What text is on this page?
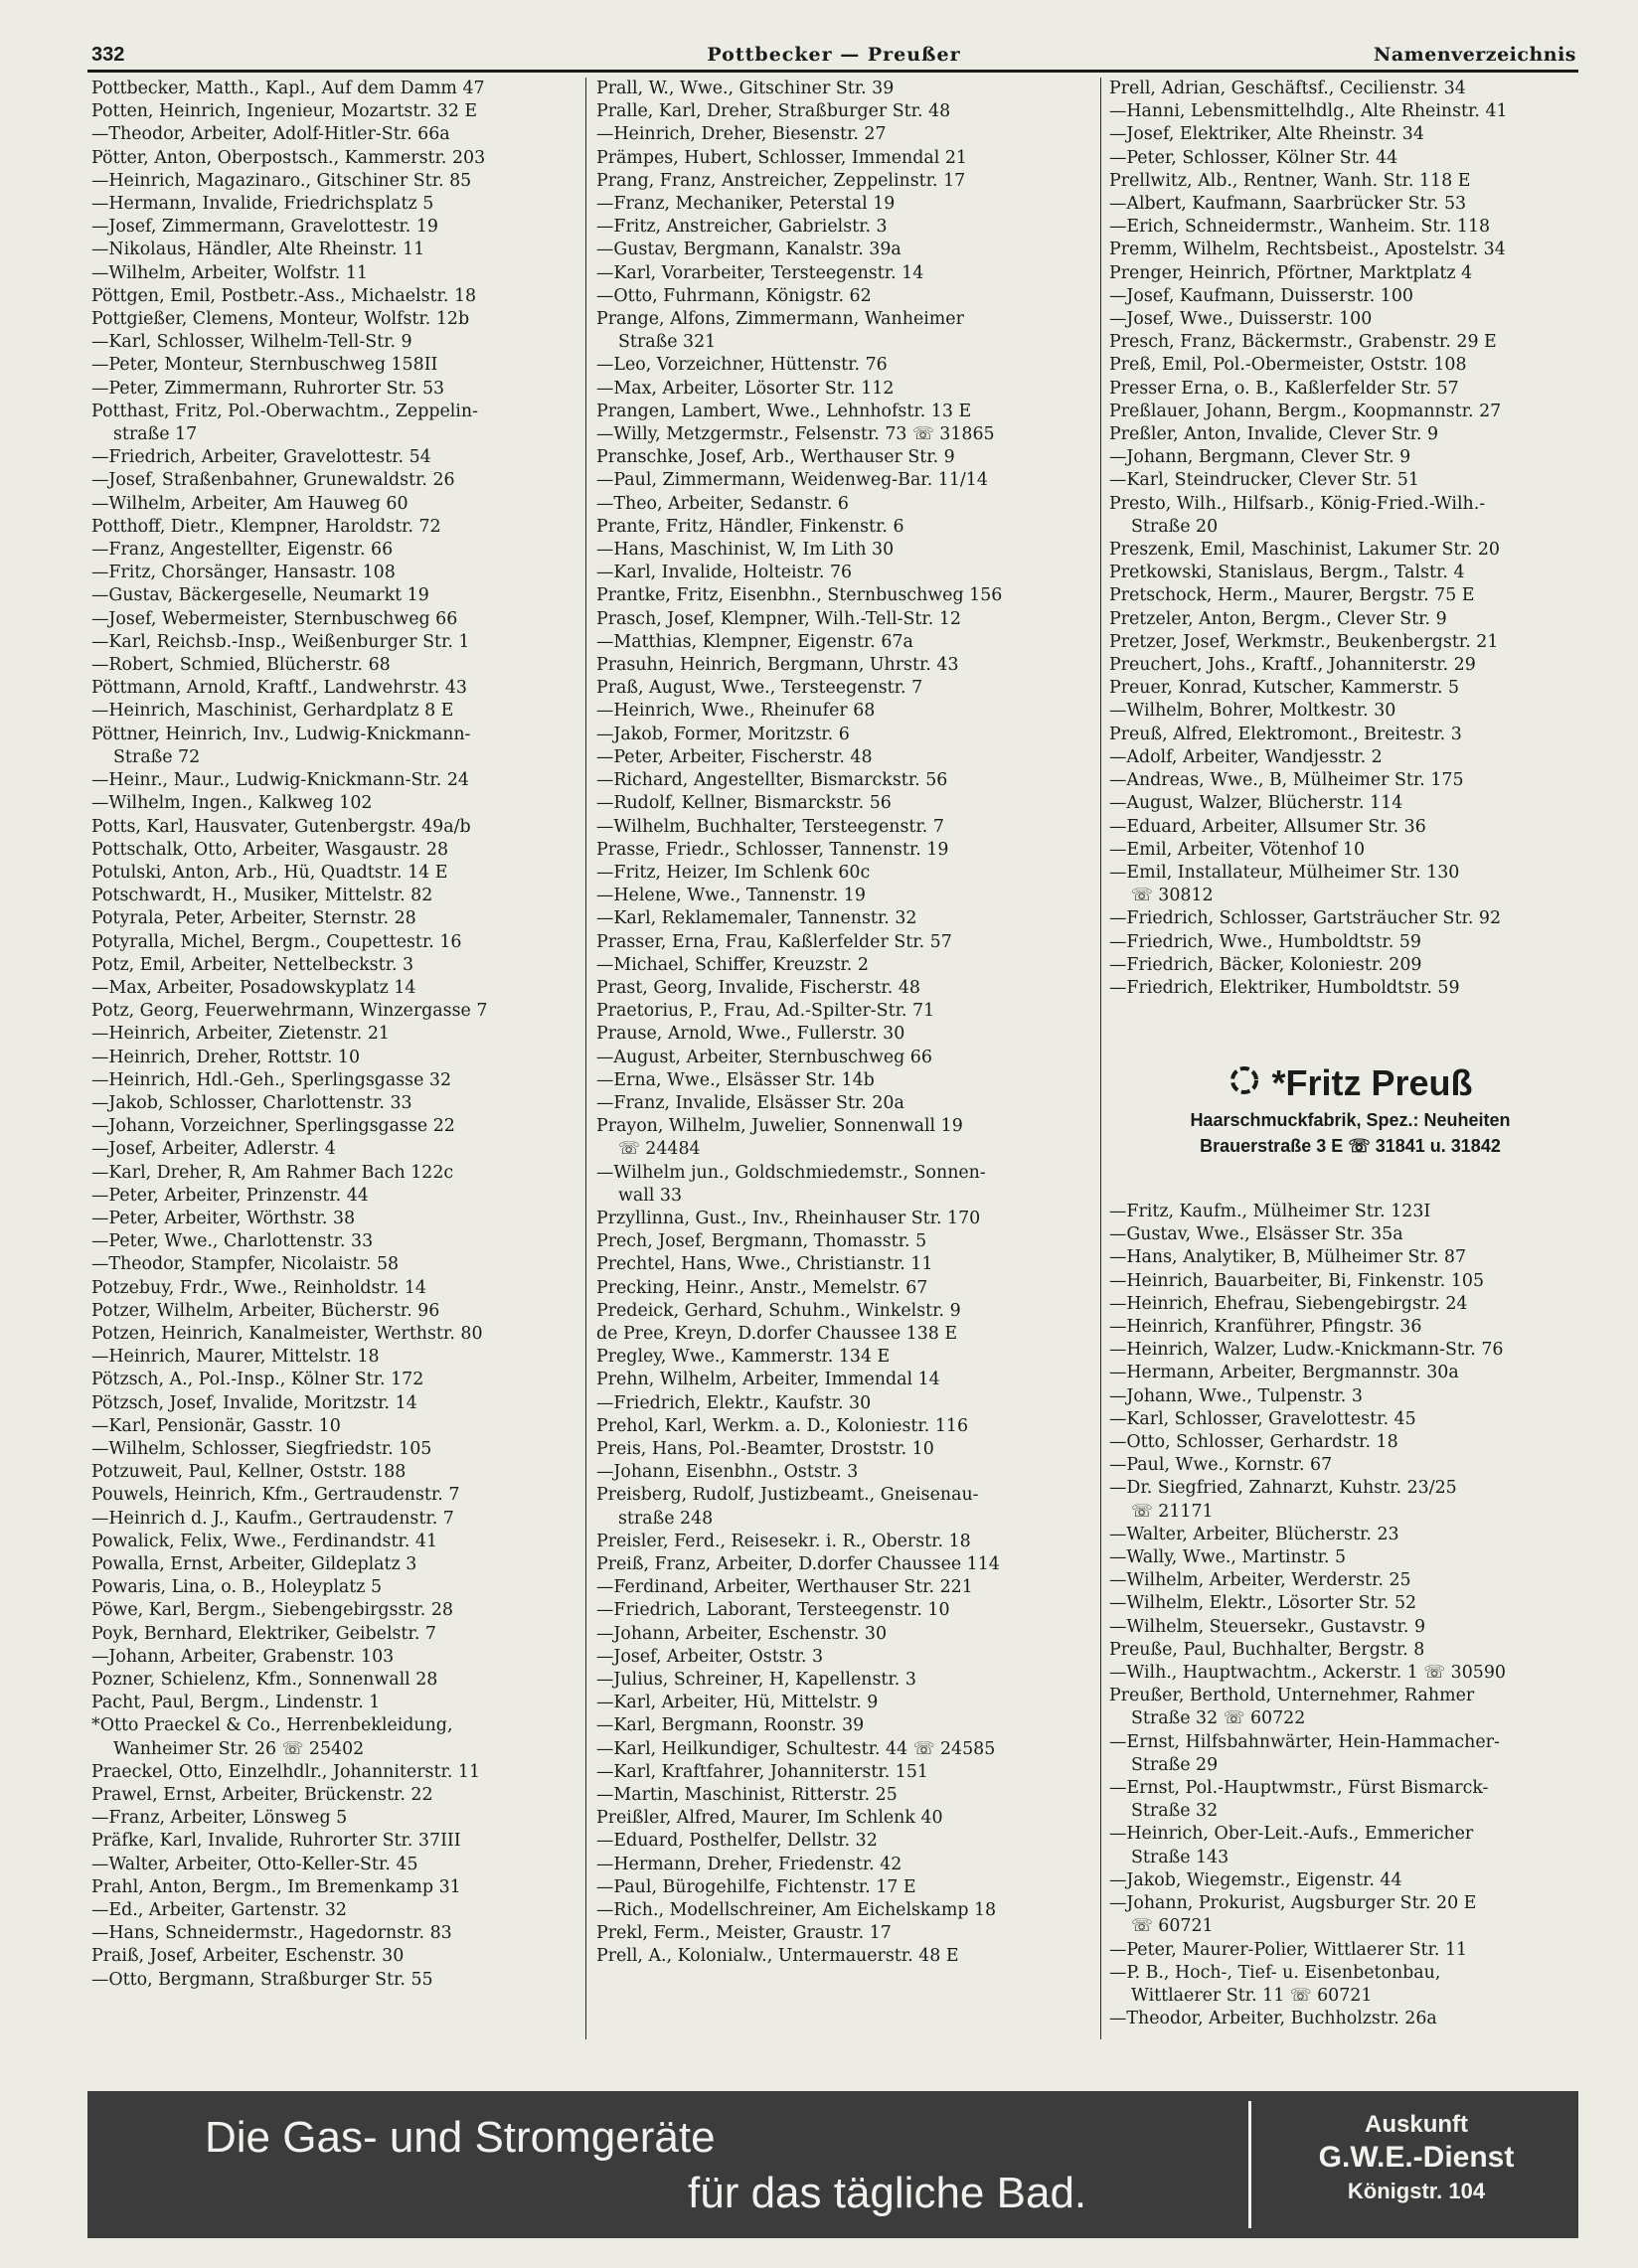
332	Pottbecker — Preußer	Namenverzeichnis
Pottbecker, Matth., Kapl., Auf dem Damm 47
Potten, Heinrich, Ingenieur, Mozartstr. 32 E
—Theodor, Arbeiter, Adolf-Hitler-Str. 66a
Pötter, Anton, Oberpostsch., Kammerstr. 203
—Heinrich, Magazinaro., Gitschiner Str. 85
—Hermann, Invalide, Friedrichsplatz 5
—Josef, Zimmermann, Gravelottestr. 19
—Nikolaus, Händler, Alte Rheinstr. 11
—Wilhelm, Arbeiter, Wolfstr. 11
Pöttgen, Emil, Postbetr.-Ass., Michaelstr. 18
Pottgießer, Clemens, Monteur, Wolfstr. 12b
—Karl, Schlosser, Wilhelm-Tell-Str. 9
—Peter, Monteur, Sternbuschweg 158II
—Peter, Zimmermann, Ruhrorter Str. 53
Potthast, Fritz, Pol.-Oberwachtm., Zeppelin-
straße 17
—Friedrich, Arbeiter, Gravelottestr. 54
—Josef, Straßenbahner, Grunewaldstr. 26
—Wilhelm, Arbeiter, Am Hauweg 60
Potthoff, Dietr., Klempner, Haroldstr. 72
—Franz, Angestellter, Eigenstr. 66
—Fritz, Chorsänger, Hansastr. 108
—Gustav, Bäckergeselle, Neumarkt 19
—Josef, Webermeister, Sternbuschweg 66
—Karl, Reichsb.-Insp., Weißenburger Str. 1
—Robert, Schmied, Blücherstr. 68
Pöttmann, Arnold, Kraftf., Landwehrstr. 43
—Heinrich, Maschinist, Gerhardplatz 8 E
Pöttner, Heinrich, Inv., Ludwig-Knickmann-
Straße 72
—Heinr., Maur., Ludwig-Knickmann-Str. 24
—Wilhelm, Ingen., Kalkweg 102
Potts, Karl, Hausvater, Gutenbergstr. 49a/b
Pottschalk, Otto, Arbeiter, Wasgaustr. 28
Potulski, Anton, Arb., Hü, Quadtstr. 14 E
Potschwardt, H., Musiker, Mittelstr. 82
Potyrala, Peter, Arbeiter, Sternstr. 28
Potyralla, Michel, Bergm., Coupettestr. 16
Potz, Emil, Arbeiter, Nettelbeckstr. 3
—Max, Arbeiter, Posadowskyplatz 14
Potz, Georg, Feuerwehrmann, Winzergasse 7
—Heinrich, Arbeiter, Zietenstr. 21
—Heinrich, Dreher, Rottstr. 10
—Heinrich, Hdl.-Geh., Sperlingsgasse 32
—Jakob, Schlosser, Charlottenstr. 33
—Johann, Vorzeichner, Sperlingsgasse 22
—Josef, Arbeiter, Adlerstr. 4
—Karl, Dreher, R, Am Rahmer Bach 122c
—Peter, Arbeiter, Prinzenstr. 44
—Peter, Arbeiter, Wörthstr. 38
—Peter, Wwe., Charlottenstr. 33
—Theodor, Stampfer, Nicolaistr. 58
Potzebuy, Frdr., Wwe., Reinholdstr. 14
Potzer, Wilhelm, Arbeiter, Bücherstr. 96
Potzen, Heinrich, Kanalmeister, Werthstr. 80
—Heinrich, Maurer, Mittelstr. 18
Pötzsch, A., Pol.-Insp., Kölner Str. 172
Pötzsch, Josef, Invalide, Moritzstr. 14
—Karl, Pensionär, Gasstr. 10
—Wilhelm, Schlosser, Siegfriedstr. 105
Potzuweit, Paul, Kellner, Oststr. 188
Pouwels, Heinrich, Kfm., Gertraudenstr. 7
—Heinrich d. J., Kaufm., Gertraudenstr. 7
Powalick, Felix, Wwe., Ferdinandstr. 41
Powalla, Ernst, Arbeiter, Gildeplatz 3
Powaris, Lina, o. B., Holeyplatz 5
Pöwe, Karl, Bergm., Siebengebirgsstr. 28
Poyk, Bernhard, Elektriker, Geibelstr. 7
—Johann, Arbeiter, Grabenstr. 103
Pozner, Schielenz, Kfm., Sonnenwall 28
Pacht, Paul, Bergm., Lindenstr. 1
*Otto Praeckel & Co., Herrenbekleidung,
Wanheimer Str. 26 ☏ 25402
Praeckel, Otto, Einzelhdlr., Johanniterstr. 11
Prawel, Ernst, Arbeiter, Brückenstr. 22
—Franz, Arbeiter, Lönsweg 5
Präfke, Karl, Invalide, Ruhrorter Str. 37III
—Walter, Arbeiter, Otto-Keller-Str. 45
Prahl, Anton, Bergm., Im Bremenkamp 31
—Ed., Arbeiter, Gartenstr. 32
—Hans, Schneidermstr., Hagedornstr. 83
Praiß, Josef, Arbeiter, Eschenstr. 30
—Otto, Bergmann, Straßburger Str. 55
Prall, W., Wwe., Gitschiner Str. 39
Pralle, Karl, Dreher, Straßburger Str. 48
—Heinrich, Dreher, Biesenstr. 27
Prämpes, Hubert, Schlosser, Immendal 21
Prang, Franz, Anstreicher, Zeppelinstr. 17
—Franz, Mechaniker, Peterstal 19
—Fritz, Anstreicher, Gabrielstr. 3
—Gustav, Bergmann, Kanalstr. 39a
—Karl, Vorarbeiter, Tersteegenstr. 14
—Otto, Fuhrmann, Königstr. 62
Prange, Alfons, Zimmermann, Wanheimer
Straße 321
—Leo, Vorzeichner, Hüttenstr. 76
—Max, Arbeiter, Lösorter Str. 112
Prangen, Lambert, Wwe., Lehnhofstr. 13 E
—Willy, Metzgermstr., Felsenstr. 73 ☏ 31865
Pranschke, Josef, Arb., Werthauser Str. 9
—Paul, Zimmermann, Weidenweg-Bar. 11/14
—Theo, Arbeiter, Sedanstr. 6
Prante, Fritz, Händler, Finkenstr. 6
—Hans, Maschinist, W, Im Lith 30
—Karl, Invalide, Holteistr. 76
Prantke, Fritz, Eisenbhn., Sternbuschweg 156
Prasch, Josef, Klempner, Wilh.-Tell-Str. 12
—Matthias, Klempner, Eigenstr. 67a
Prasuhn, Heinrich, Bergmann, Uhrstr. 43
Praß, August, Wwe., Tersteegenstr. 7
—Heinrich, Wwe., Rheinufer 68
—Jakob, Former, Moritzstr. 6
—Peter, Arbeiter, Fischerstr. 48
—Richard, Angestellter, Bismarckstr. 56
—Rudolf, Kellner, Bismarckstr. 56
—Wilhelm, Buchhalter, Tersteegenstr. 7
Prasse, Friedr., Schlosser, Tannenstr. 19
—Fritz, Heizer, Im Schlenk 60c
—Helene, Wwe., Tannenstr. 19
—Karl, Reklamemaler, Tannenstr. 32
Prasser, Erna, Frau, Kaßlerfelder Str. 57
—Michael, Schiffer, Kreuzstr. 2
Prast, Georg, Invalide, Fischerstr. 48
Praetorius, P., Frau, Ad.-Spilter-Str. 71
Prause, Arnold, Wwe., Fullerstr. 30
—August, Arbeiter, Sternbuschweg 66
—Erna, Wwe., Elsässer Str. 14b
—Franz, Invalide, Elsässer Str. 20a
Prayon, Wilhelm, Juwelier, Sonnenwall 19
☏ 24484
—Wilhelm jun., Goldschmiedemstr., Sonnen-
wall 33
Przyllinna, Gust., Inv., Rheinhauser Str. 170
Prech, Josef, Bergmann, Thomasstr. 5
Prechtel, Hans, Wwe., Christianstr. 11
Precking, Heinr., Anstr., Memelstr. 67
Predeick, Gerhard, Schuhm., Winkelstr. 9
de Pree, Kreyn, D.dorfer Chaussee 138 E
Pregley, Wwe., Kammerstr. 134 E
Prehn, Wilhelm, Arbeiter, Immendal 14
—Friedrich, Elektr., Kaufstr. 30
Prehol, Karl, Werkm. a. D., Koloniestr. 116
Preis, Hans, Pol.-Beamter, Droststr. 10
—Johann, Eisenbhn., Oststr. 3
Preisberg, Rudolf, Justizbeamt., Gneisenau-
straße 248
Preisler, Ferd., Reisesekr. i. R., Oberstr. 18
Preiß, Franz, Arbeiter, D.dorfer Chaussee 114
—Ferdinand, Arbeiter, Werthauser Str. 221
—Friedrich, Laborant, Tersteegenstr. 10
—Johann, Arbeiter, Eschenstr. 30
—Josef, Arbeiter, Oststr. 3
—Julius, Schreiner, H, Kapellenstr. 3
—Karl, Arbeiter, Hü, Mittelstr. 9
—Karl, Bergmann, Roonstr. 39
—Karl, Heilkundiger, Schultestr. 44 ☏ 24585
—Karl, Kraftfahrer, Johanniterstr. 151
—Martin, Maschinist, Ritterstr. 25
Preißler, Alfred, Maurer, Im Schlenk 40
—Eduard, Posthelfer, Dellstr. 32
—Hermann, Dreher, Friedenstr. 42
—Paul, Bürogehilfe, Fichtenstr. 17 E
—Rich., Modellschreiner, Am Eichelskamp 18
Prekl, Ferm., Meister, Graustr. 17
Prell, A., Kolonialw., Untermauerstr. 48 E
Prell, Adrian, Geschäftsf., Cecilienstr. 34
—Hanni, Lebensmittelhdlg., Alte Rheinstr. 41
—Josef, Elektriker, Alte Rheinstr. 34
—Peter, Schlosser, Kölner Str. 44
Prellwitz, Alb., Rentner, Wanh. Str. 118 E
—Albert, Kaufmann, Saarbrücker Str. 53
—Erich, Schneidermstr., Wanheim. Str. 118
Premm, Wilhelm, Rechtsbeist., Apostelstr. 34
Prenger, Heinrich, Pförtner, Marktplatz 4
—Josef, Kaufmann, Duisserstr. 100
—Josef, Wwe., Duisserstr. 100
Presch, Franz, Bäckermstr., Grabenstr. 29 E
Preß, Emil, Pol.-Obermeister, Oststr. 108
Presser Erna, o. B., Kaßlerfelder Str. 57
Preßlauer, Johann, Bergm., Koopmannstr. 27
Preßler, Anton, Invalide, Clever Str. 9
—Johann, Bergmann, Clever Str. 9
—Karl, Steindrucker, Clever Str. 51
Presto, Wilh., Hilfsarb., König-Fried.-Wilh.-
Straße 20
Preszenk, Emil, Maschinist, Lakumer Str. 20
Pretkowski, Stanislaus, Bergm., Talstr. 4
Pretschock, Herm., Maurer, Bergstr. 75 E
Pretzeler, Anton, Bergm., Clever Str. 9
Pretzer, Josef, Werkmstr., Beukenbergstr. 21
Preuchert, Johs., Kraftf., Johanniterstr. 29
Preuer, Konrad, Kutscher, Kammerstr. 5
—Wilhelm, Bohrer, Moltkestr. 30
Preuß, Alfred, Elektromont., Breitestr. 3
—Adolf, Arbeiter, Wandjesstr. 2
—Andreas, Wwe., B, Mülheimer Str. 175
—August, Walzer, Blücherstr. 114
—Eduard, Arbeiter, Allsumer Str. 36
—Emil, Arbeiter, Vötenhof 10
—Emil, Installateur, Mülheimer Str. 130
☏ 30812
—Friedrich, Schlosser, Gartsträucher Str. 92
—Friedrich, Wwe., Humboldtstr. 59
—Friedrich, Bäcker, Koloniestr. 209
—Friedrich, Elektriker, Humboldtstr. 59
*Fritz Preuß
Haarschmuckfabrik, Spez.: Neuheiten
Brauerstraße 3 E ☏ 31841 u. 31842
—Fritz, Kaufm., Mülheimer Str. 123I
—Gustav, Wwe., Elsässer Str. 35a
—Hans, Analytiker, B, Mülheimer Str. 87
—Heinrich, Bauarbeiter, Bi, Finkenstr. 105
—Heinrich, Ehefrau, Siebengebirgstr. 24
—Heinrich, Kranführer, Pfingstr. 36
—Heinrich, Walzer, Ludw.-Knickmann-Str. 76
—Hermann, Arbeiter, Bergmannstr. 30a
—Johann, Wwe., Tulpenstr. 3
—Karl, Schlosser, Gravelottestr. 45
—Otto, Schlosser, Gerhardstr. 18
—Paul, Wwe., Kornstr. 67
—Dr. Siegfried, Zahnarzt, Kuhstr. 23/25
☏ 21171
—Walter, Arbeiter, Blücherstr. 23
—Wally, Wwe., Martinstr. 5
—Wilhelm, Arbeiter, Werderstr. 25
—Wilhelm, Elektr., Lösorter Str. 52
—Wilhelm, Steuersekr., Gustavstr. 9
Preuße, Paul, Buchhalter, Bergstr. 8
—Wilh., Hauptwachtm., Ackerstr. 1 ☏ 30590
Preußer, Berthold, Unternehmer, Rahmer
Straße 32 ☏ 60722
—Ernst, Hilfsbahnwärter, Hein-Hammacher-
Straße 29
—Ernst, Pol.-Hauptwmstr., Fürst Bismarck-
Straße 32
—Heinrich, Ober-Leit.-Aufs., Emmericher
Straße 143
—Jakob, Wiegemstr., Eigenstr. 44
—Johann, Prokurist, Augsburger Str. 20 E
☏ 60721
—Peter, Maurer-Polier, Wittlaerer Str. 11
—P. B., Hoch-, Tief- u. Eisenbetonbau,
Wittlaerer Str. 11 ☏ 60721
—Theodor, Arbeiter, Buchholzstr. 26a
Die Gas- und Stromgeräte
für das tägliche Bad.
Auskunft
G.W.E.-Dienst
Königstr. 104
